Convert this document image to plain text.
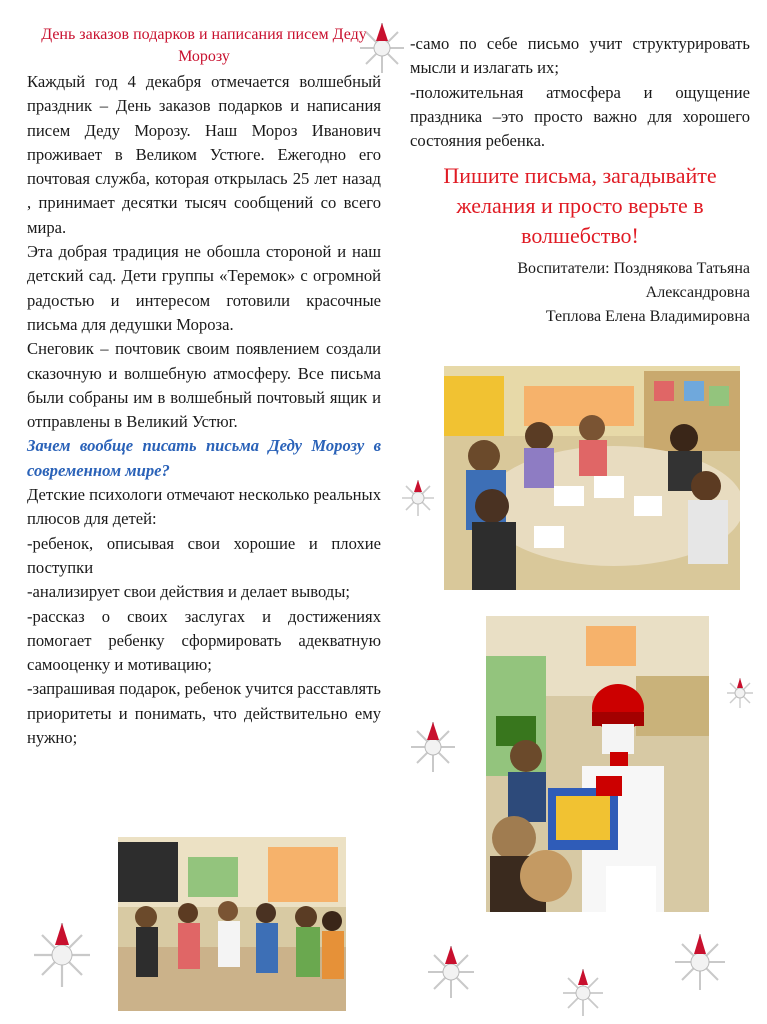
День заказов подарков и написания писем Деду Морозу

Каждый год 4 декабря отмечается волшебный праздник – День заказов подарков и написания писем Деду Морозу. Наш Мороз Иванович проживает в Великом Устюге. Ежегодно его почтовая служба, которая открылась 25 лет назад , принимает десятки тысяч сообщений со всего мира.

Эта добрая традиция не обошла стороной и наш детский сад. Дети группы «Теремок» с огромной радостью и интересом готовили красочные письма для дедушки Мороза.

Снеговик – почтовик своим появлением создали сказочную и волшебную атмосферу. Все письма были собраны им в волшебный почтовый ящик и отправлены в Великий Устюг.

Зачем вообще писать письма Деду Морозу в современном мире?

Детские психологи отмечают несколько реальных плюсов для детей:

-ребенок, описывая свои хорошие и плохие поступки

-анализирует свои действия и делает выводы;

-рассказ о своих заслугах и достижениях помогает ребенку сформировать адекватную самооценку и мотивацию;

-запрашивая подарок, ребенок учится расставлять приоритеты и понимать, что действительно ему нужно;

-само по себе письмо учит структурировать мысли и излагать их;

-положительная атмосфера и ощущение праздника –это просто важно для хорошего состояния ребенка.

Пишите письма, загадывайте желания и просто верьте в волшебство!

Воспитатели: Позднякова Татьяна

Александровна

Теплова Елена Владимировна
